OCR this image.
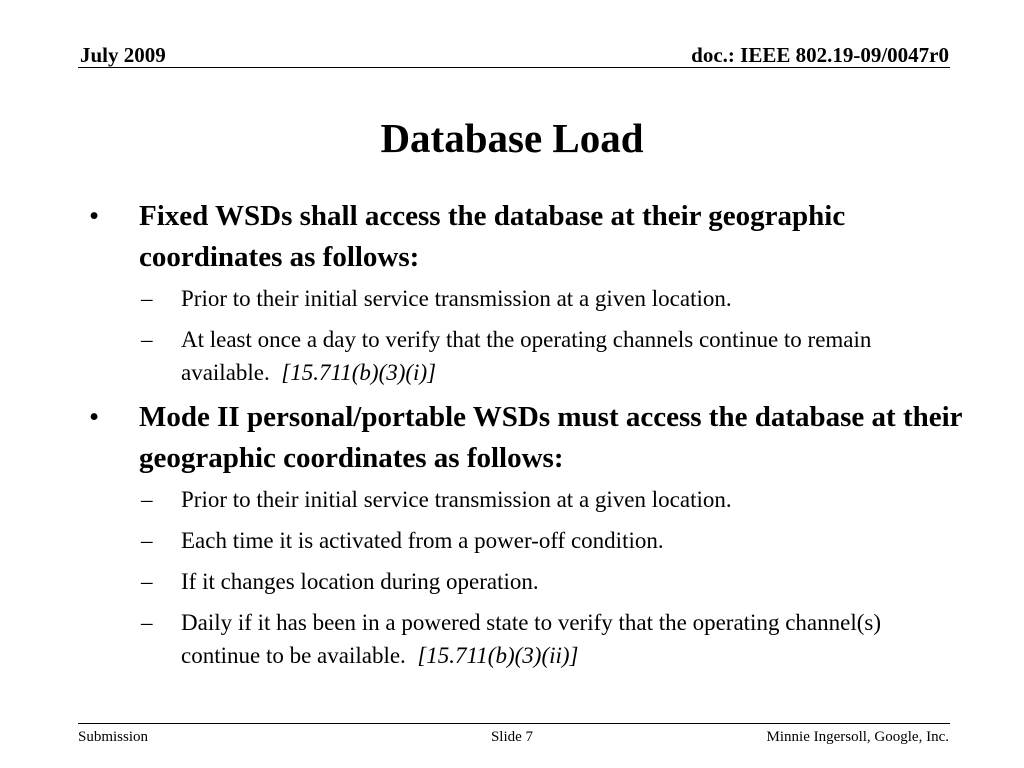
July 2009	doc.: IEEE 802.19-09/0047r0
Database Load
• Fixed WSDs shall access the database at their geographic coordinates as follows:
– Prior to their initial service transmission at a given location.
– At least once a day to verify that the operating channels continue to remain available. [15.711(b)(3)(i)]
• Mode II personal/portable WSDs must access the database at their geographic coordinates as follows:
– Prior to their initial service transmission at a given location.
– Each time it is activated from a power-off condition.
– If it changes location during operation.
– Daily if it has been in a powered state to verify that the operating channel(s) continue to be available. [15.711(b)(3)(ii)]
Submission	Slide 7	Minnie Ingersoll, Google, Inc.
